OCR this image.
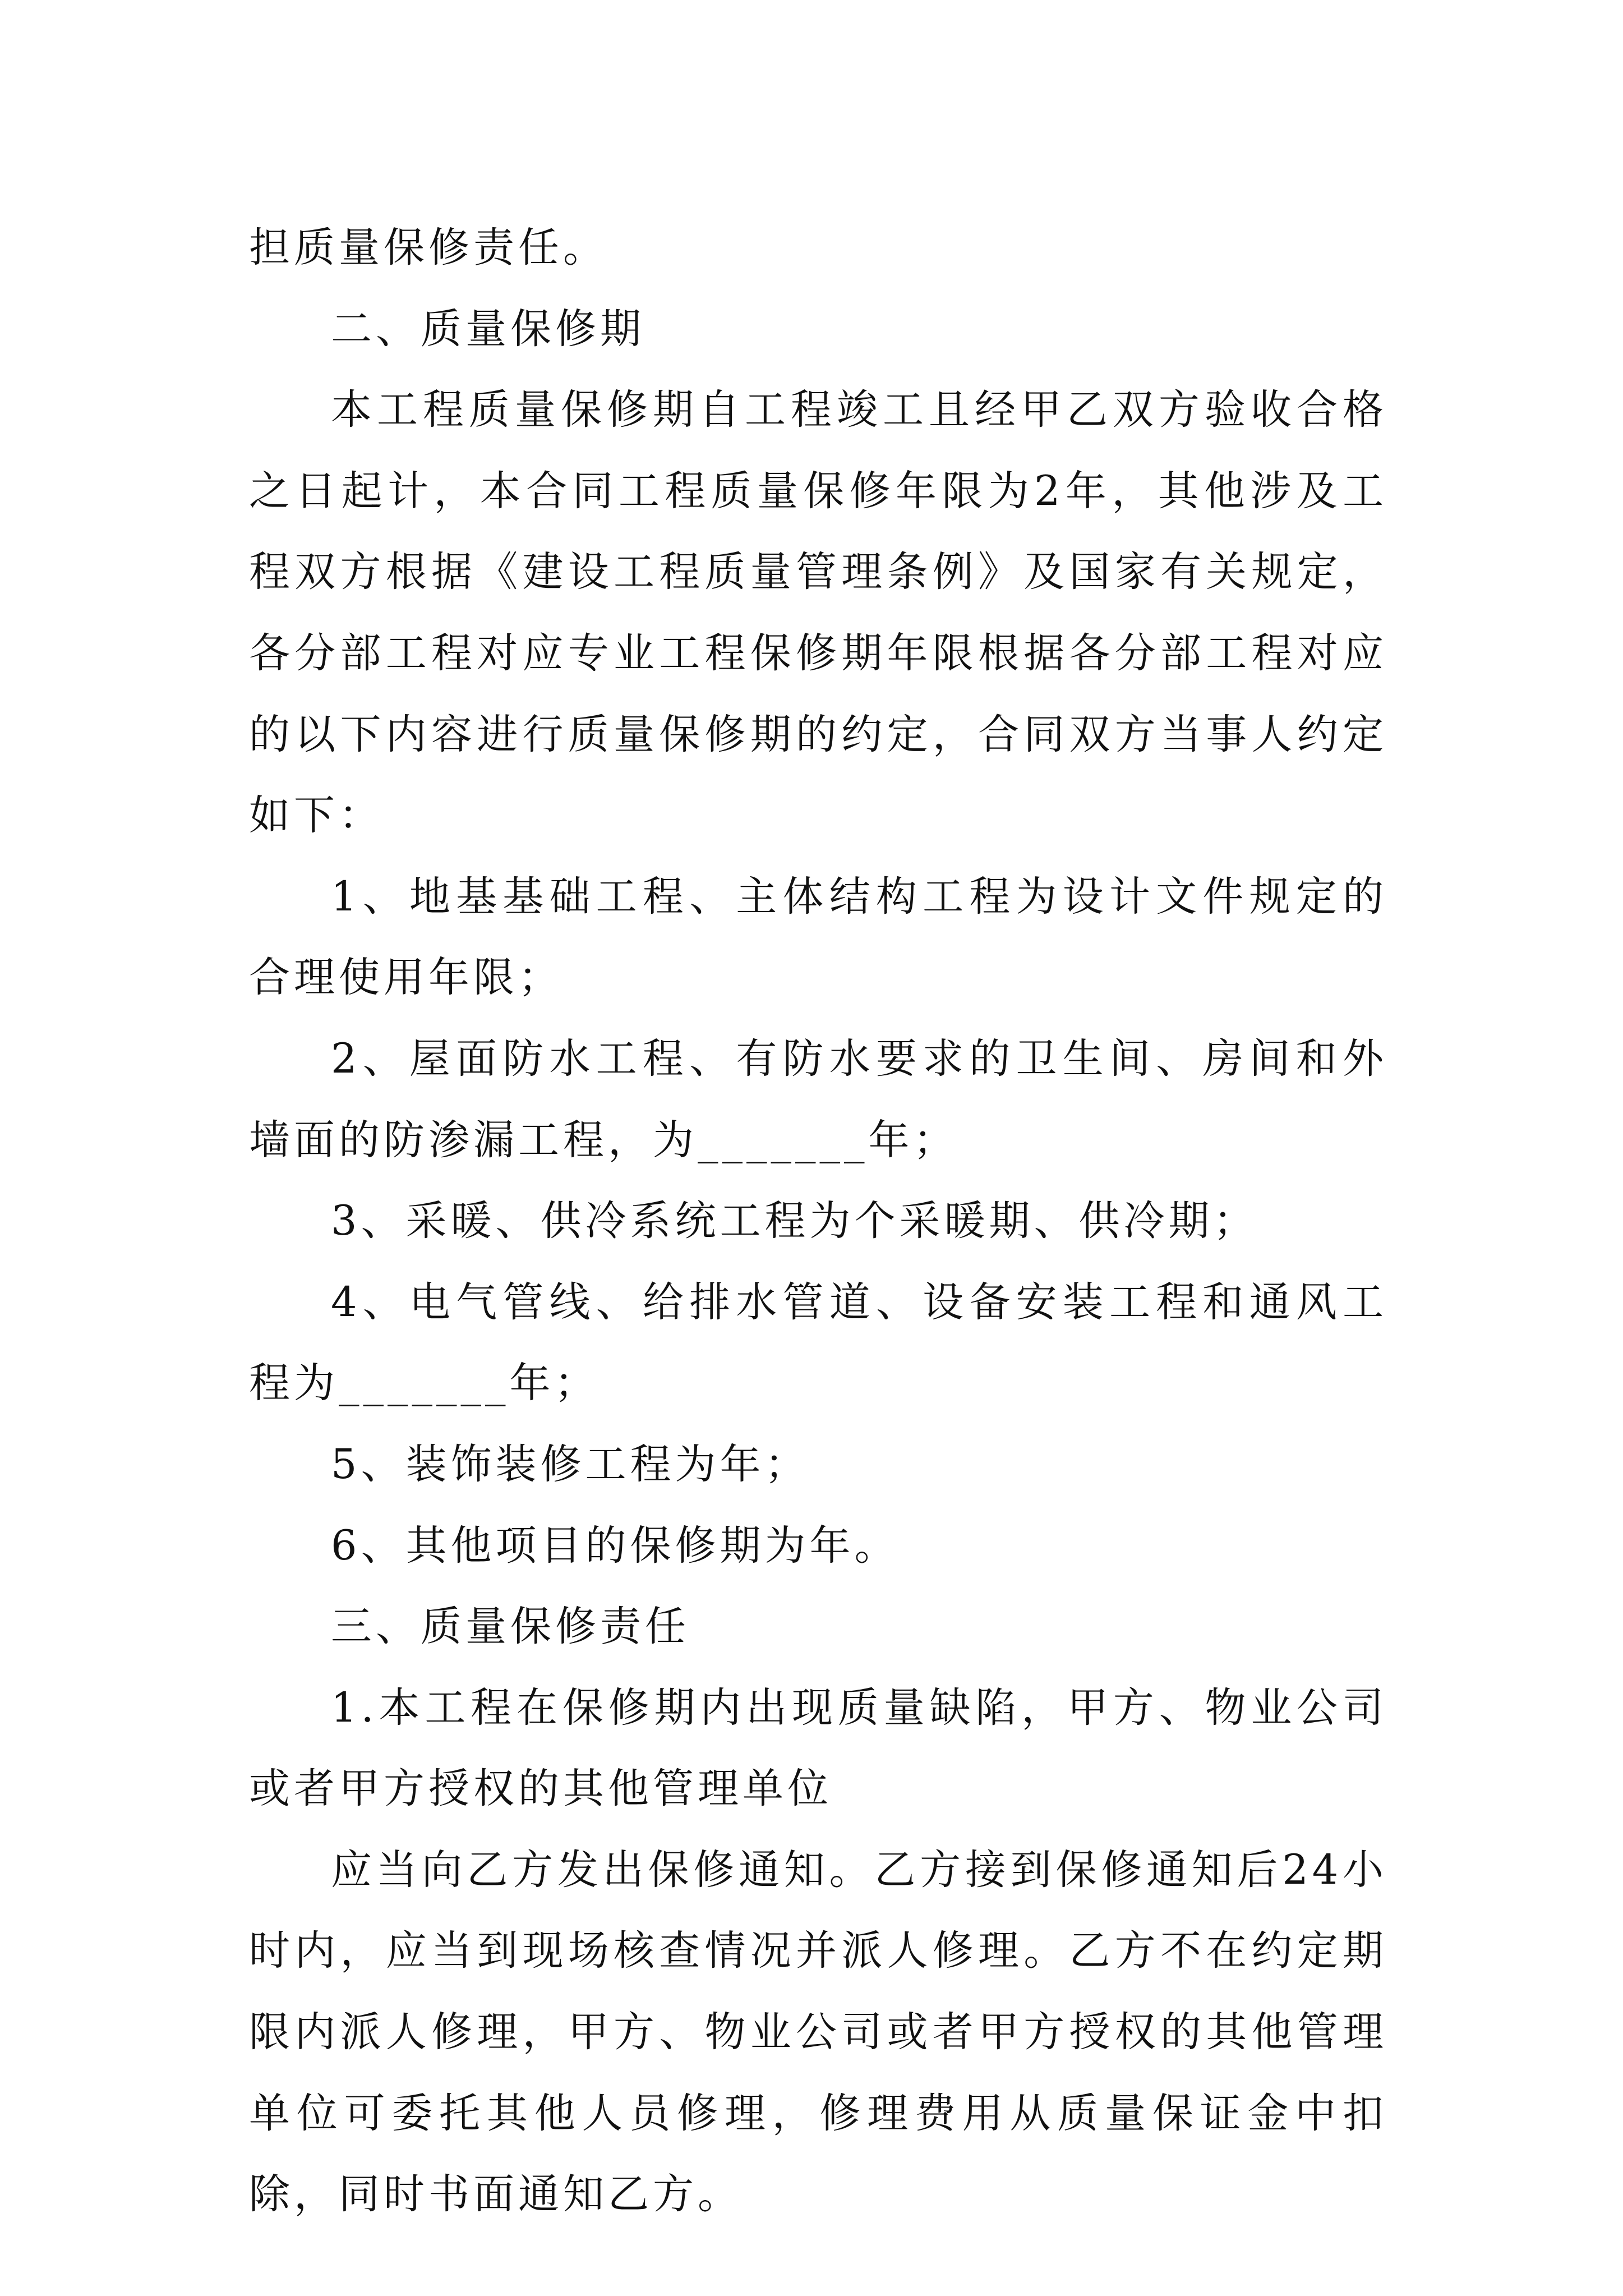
担质量保修责任。

二、质量保修期

本工程质量保修期自工程竣工且经甲乙双方验收合格之日起计，本合同工程质量保修年限为2年，其他涉及工程双方根据《建设工程质量管理条例》及国家有关规定，各分部工程对应专业工程保修期年限根据各分部工程对应的以下内容进行质量保修期的约定，合同双方当事人约定如下：

1、地基基础工程、主体结构工程为设计文件规定的合理使用年限；

2、屋面防水工程、有防水要求的卫生间、房间和外墙面的防渗漏工程，为_______年；

3、采暖、供冷系统工程为个采暖期、供冷期；

4、电气管线、给排水管道、设备安装工程和通风工程为_______年；

5、装饰装修工程为年；

6、其他项目的保修期为年。

三、质量保修责任

1.本工程在保修期内出现质量缺陷，甲方、物业公司或者甲方授权的其他管理单位

应当向乙方发出保修通知。乙方接到保修通知后24小时内，应当到现场核查情况并派人修理。乙方不在约定期限内派人修理，甲方、物业公司或者甲方授权的其他管理单位可委托其他人员修理，修理费用从质量保证金中扣除，同时书面通知乙方。
